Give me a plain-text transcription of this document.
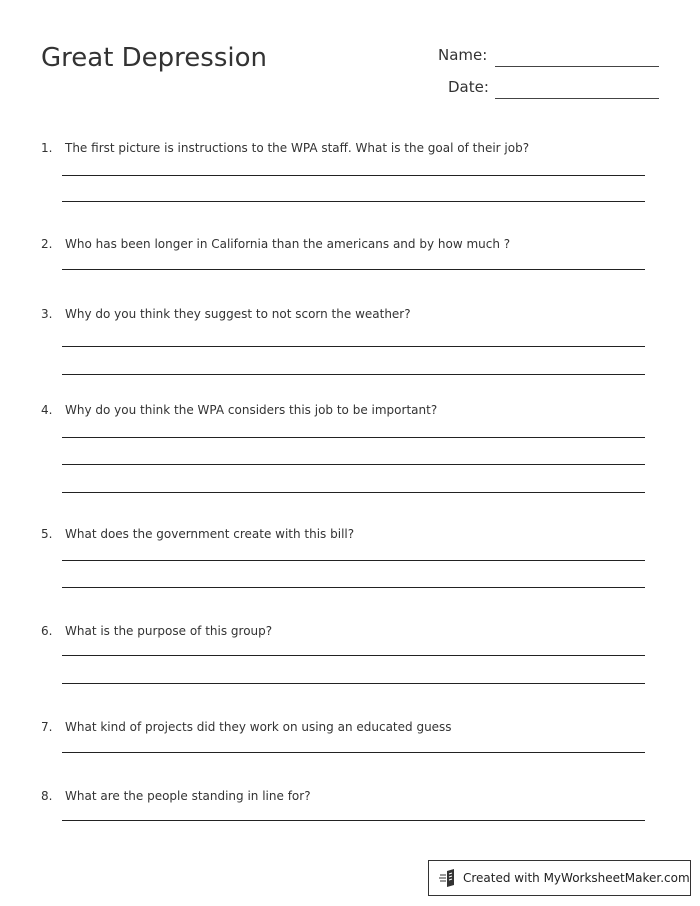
Great Depression	Name:
Date:
1. The first picture is instructions to the WPA staff. What is the goal of their job?
2. Who has been longer in California than the americans and by how much ?
3. Why do you think they suggest to not scorn the weather?
4. Why do you think the WPA considers this job to be important?
5. What does the government create with this bill?
6. What is the purpose of this group?
7. What kind of projects did they work on using an educated guess
8. What are the people standing in line for?
Created with MyWorksheetMaker.com
